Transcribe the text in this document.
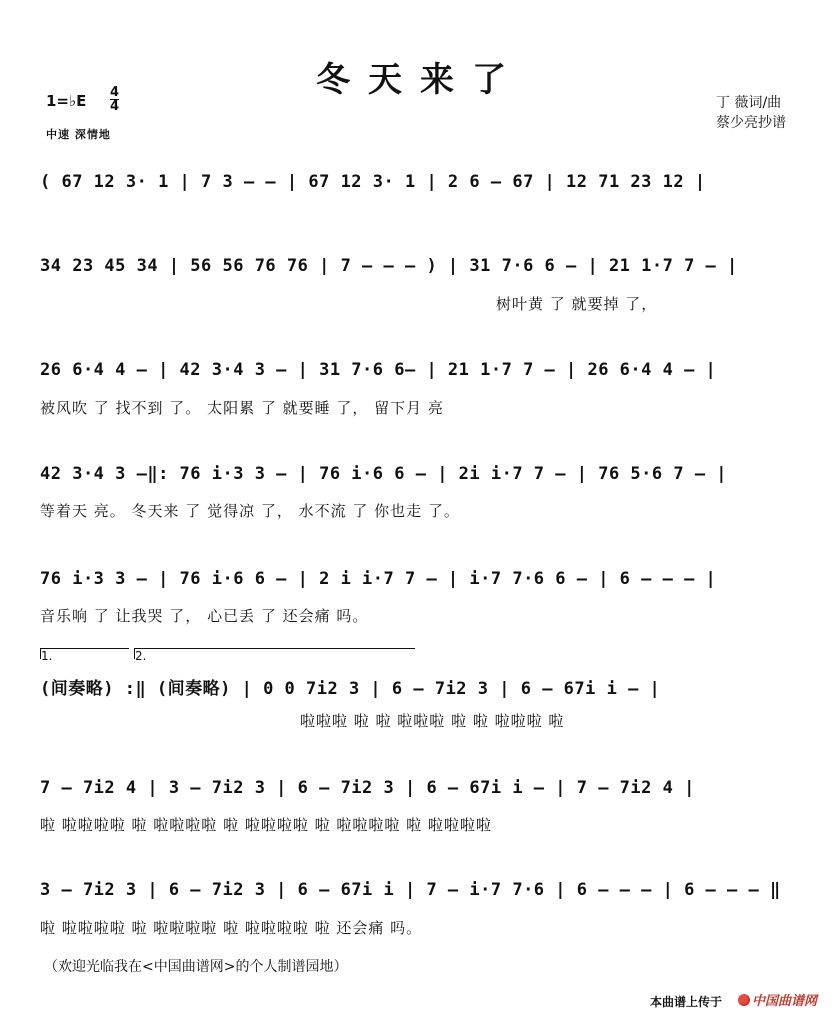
冬天来了
1=♭E 4
4
中速 深情地
丁 薇词/曲
蔡少亮抄谱
( 67 12 3· 1 | 7 3 — — | 67 12 3· 1 | 2 6 — 67 | 12 71 23 12 |
34 23 45 34 | 56 56 76 76 | 7 — — — ) | 31 7·6 6 — | 21 1·7 7 — |
树叶黄 了 就要掉 了，
26 6·4 4 — | 42 3·4 3 — | 31 7·6 6— | 21 1·7 7 — | 26 6·4 4 — |
被风吹 了 找不到 了。 太阳累 了 就要睡 了， 留下月 亮
42 3·4 3 —‖: 76 i·3 3 — | 76 i·6 6 — | 2i i·7 7 — | 76 5·6 7 — |
等着天 亮。 冬天来 了 觉得凉 了， 水不流 了 你也走 了。
76 i·3 3 — | 76 i·6 6 — | 2 i i·7 7 — | i·7 7·6 6 — | 6 — — — |
音乐响 了 让我哭 了， 心已丢 了 还会痛 吗。
1.	2.
(间奏略) :‖ (间奏略) | 0 0 7i2 3 | 6 — 7i2 3 | 6 — 67i i — |
啦啦啦 啦 啦 啦啦啦 啦 啦 啦啦啦 啦
7 — 7i2 4 | 3 — 7i2 3 | 6 — 7i2 3 | 6 — 67i i — | 7 — 7i2 4 |
啦 啦啦啦啦 啦 啦啦啦啦 啦 啦啦啦啦 啦 啦啦啦啦 啦 啦啦啦啦
3 — 7i2 3 | 6 — 7i2 3 | 6 — 67i i | 7 — i·7 7·6 | 6 — — — | 6 — — — ‖
啦 啦啦啦啦 啦 啦啦啦啦 啦 啦啦啦啦 啦 还会痛 吗。
（欢迎光临我在<中国曲谱网>的个人制谱园地）
本曲谱上传于	中国曲谱网
